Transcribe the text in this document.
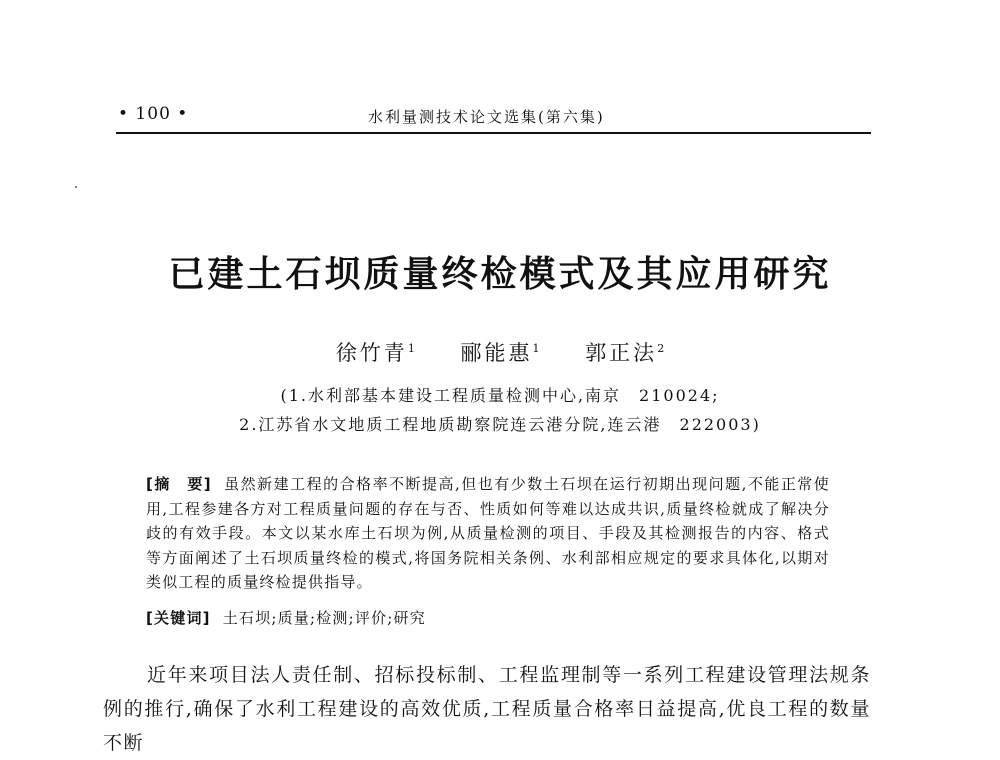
• 100 •	水利量测技术论文选集(第六集)
已建土石坝质量终检模式及其应用研究
徐竹青$^1$ 郦能惠$^1$ 郭正法$^2$
(1.水利部基本建设工程质量检测中心,南京　210024;
2.江苏省水文地质工程地质勘察院连云港分院,连云港　222003)
[摘　要] 虽然新建工程的合格率不断提高,但也有少数土石坝在运行初期出现问题,不能正常使用,工程参建各方对工程质量问题的存在与否、性质如何等难以达成共识,质量终检就成了解决分歧的有效手段。本文以某水库土石坝为例,从质量检测的项目、手段及其检测报告的内容、格式等方面阐述了土石坝质量终检的模式,将国务院相关条例、水利部相应规定的要求具体化,以期对类似工程的质量终检提供指导。
[关键词] 土石坝;质量;检测;评价;研究
近年来项目法人责任制、招标投标制、工程监理制等一系列工程建设管理法规条例的推行,确保了水利工程建设的高效优质,工程质量合格率日益提高,优良工程的数量不断
